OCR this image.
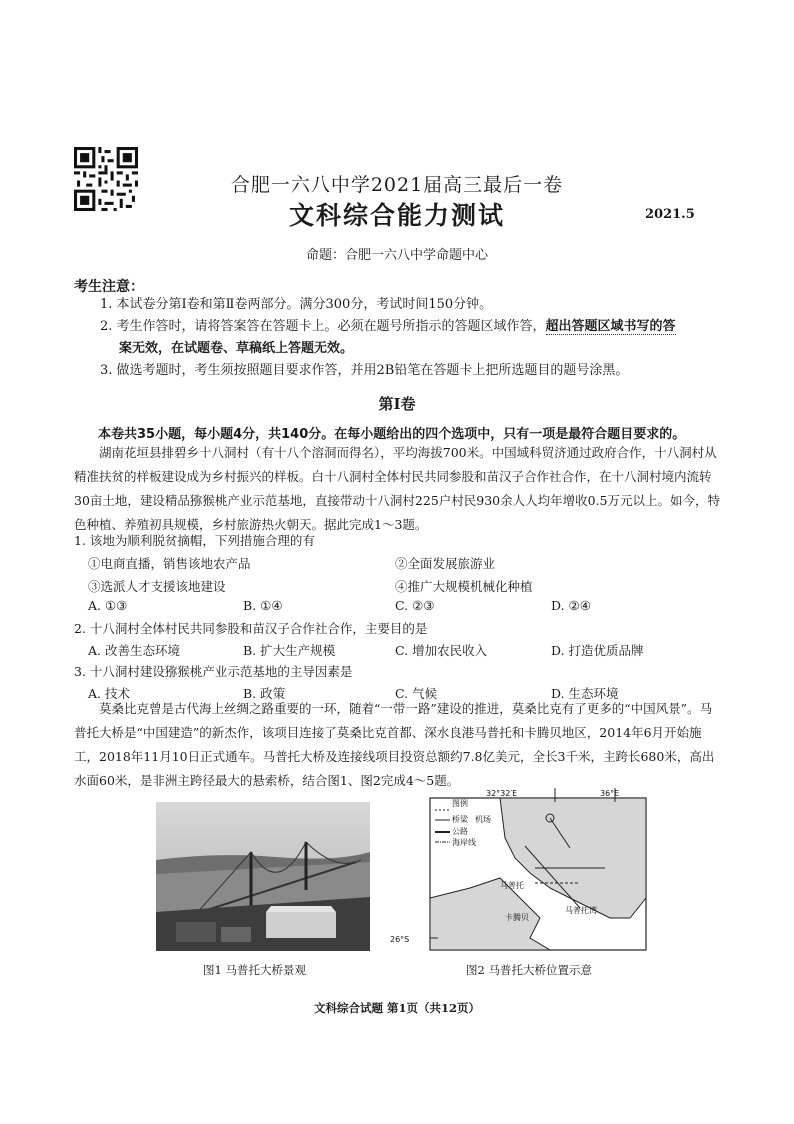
合肥一六八中学2021届高三最后一卷
文科综合能力测试	2021.5
命题：合肥一六八中学命题中心
考生注意：
1. 本试卷分第Ⅰ卷和第Ⅱ卷两部分。满分300分，考试时间150分钟。
2. 考生作答时，请将答案答在答题卡上。必须在题号所指示的答题区域作答，超出答题区域书写的答
案无效，在试题卷、草稿纸上答题无效。
3. 做选考题时，考生须按照题目要求作答，并用2B铅笔在答题卡上把所选题目的题号涂黑。
第Ⅰ卷
本卷共35小题，每小题4分，共140分。在每小题给出的四个选项中，只有一项是最符合题目要求的。
湖南花垣县排碧乡十八洞村（有十八个溶洞而得名），平均海拔700米。中国域科贸济通过政府合作，十八洞村从精准扶贫的样板建设成为乡村振兴的样板。白十八洞村全体村民共同参股和苗汉子合作社合作，在十八洞村境内流转30亩土地，建设精品猕猴桃产业示范基地，直接带动十八洞村225户村民930余人人均年增收0.5万元以上。如今，特色种植、养殖初具规模，乡村旅游热火朝天。据此完成1～3题。
1. 该地为顺利脱贫摘帽，下列措施合理的有
①电商直播，销售该地农产品	②全面发展旅游业
③选派人才支援该地建设	④推广大规模机械化种植
A. ①③	B. ①④	C. ②③	D. ②④
2. 十八洞村全体村民共同参股和苗汉子合作社合作，主要目的是
A. 改善生态环境	B. 扩大生产规模	C. 增加农民收入	D. 打造优质品牌
3. 十八洞村建设猕猴桃产业示范基地的主导因素是
A. 技术	B. 政策	C. 气候	D. 生态环境
莫桑比克曾是古代海上丝绸之路重要的一环，随着“一带一路”建设的推进，莫桑比克有了更多的“中国风景”。马普托大桥是“中国建造”的新杰作，该项目连接了莫桑比克首都、深水良港马普托和卡腾贝地区，2014年6月开始施工，2018年11月10日正式通车。马普托大桥及连接线项目投资总额约7.8亿美元，全长3千米，主跨长680米，高出水面60米，是非洲主跨径最大的悬索桥，结合图1、图2完成4～5题。
图1 马普托大桥景观
32°32′E	36°E
26°S
图例
桥梁 机场
公路
海岸线
马普托
卡腾贝
马普托湾
图2 马普托大桥位置示意
文科综合试题 第1页（共12页）
